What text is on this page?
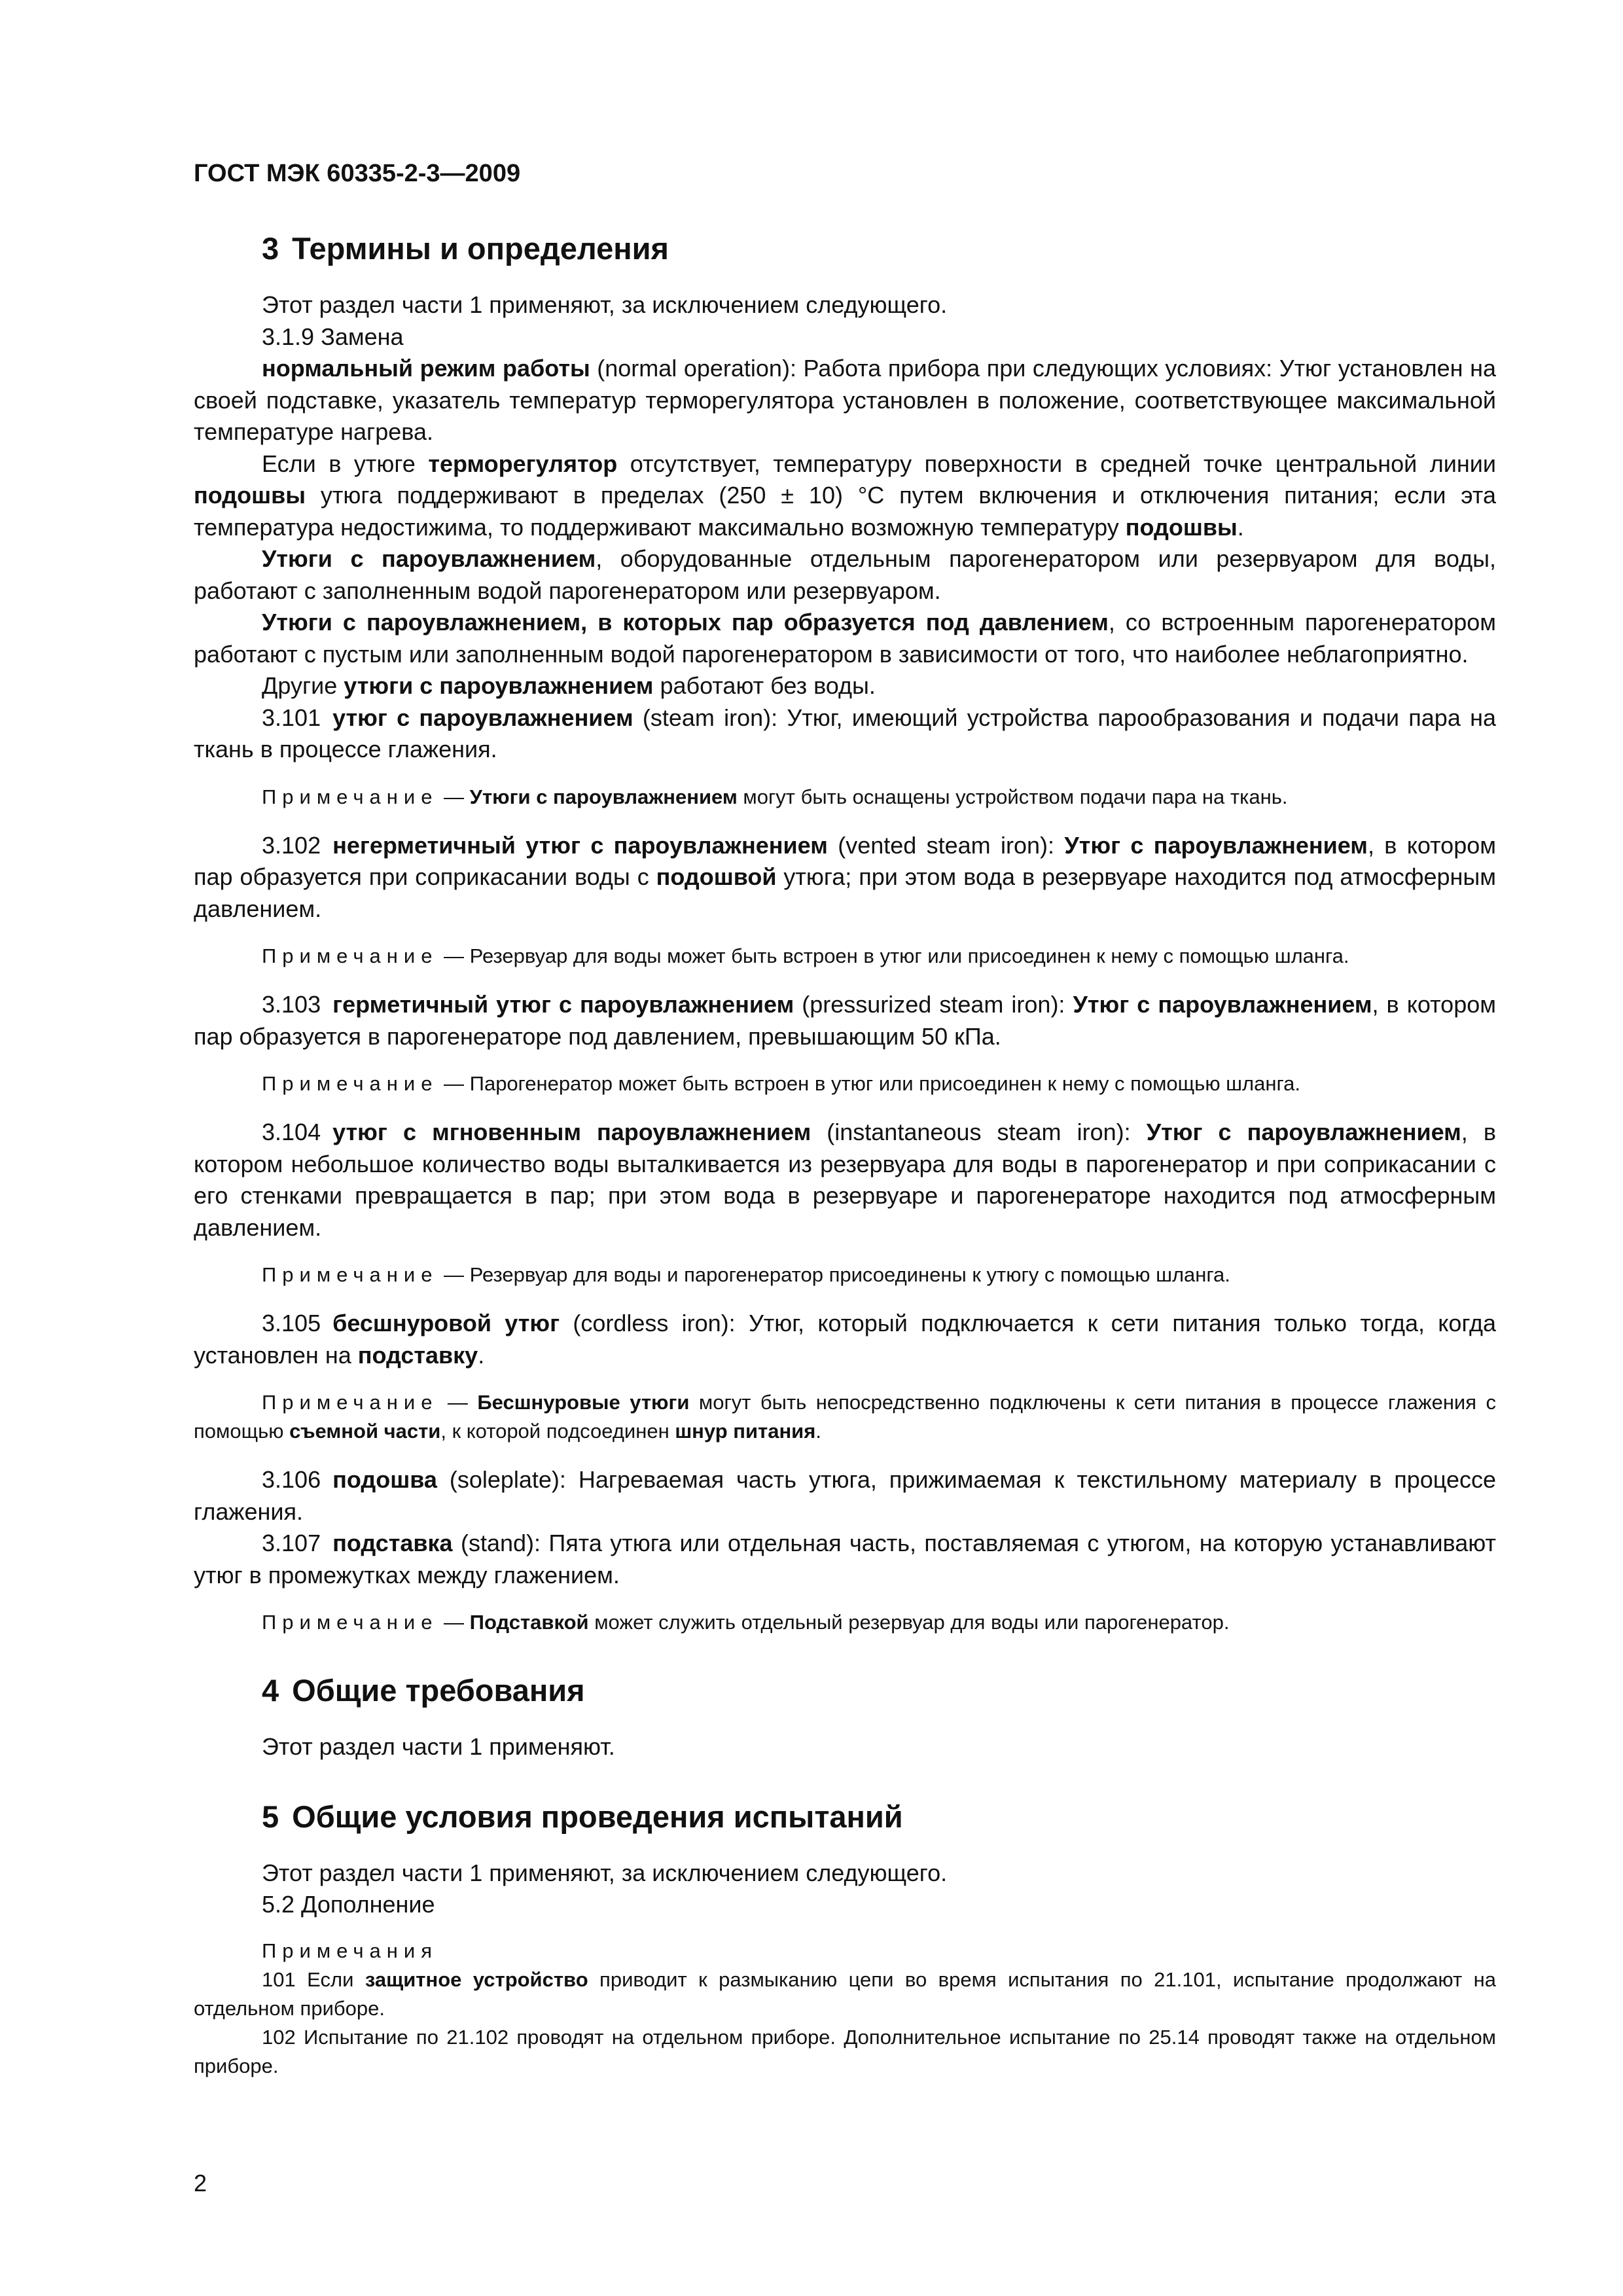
ГОСТ МЭК 60335-2-3—2009
3 Термины и определения

Этот раздел части 1 применяют, за исключением следующего.

3.1.9 Замена

нормальный режим работы (normal operation): Работа прибора при следующих условиях: Утюг установлен на своей подставке, указатель температур терморегулятора установлен в положение, соответствующее максимальной температуре нагрева.

Если в утюге терморегулятор отсутствует, температуру поверхности в средней точке центральной линии подошвы утюга поддерживают в пределах (250 ± 10) °С путем включения и отключения питания; если эта температура недостижима, то поддерживают максимально возможную температуру подошвы.

Утюги с пароувлажнением, оборудованные отдельным парогенератором или резервуаром для воды, работают с заполненным водой парогенератором или резервуаром.

Утюги с пароувлажнением, в которых пар образуется под давлением, со встроенным парогенератором работают с пустым или заполненным водой парогенератором в зависимости от того, что наиболее неблагоприятно.

Другие утюги с пароувлажнением работают без воды.

3.101 утюг с пароувлажнением (steam iron): Утюг, имеющий устройства парообразования и подачи пара на ткань в процессе глажения.

Примечание — Утюги с пароувлажнением могут быть оснащены устройством подачи пара на ткань.

3.102 негерметичный утюг с пароувлажнением (vented steam iron): Утюг с пароувлажнением, в котором пар образуется при соприкасании воды с подошвой утюга; при этом вода в резервуаре находится под атмосферным давлением.

Примечание — Резервуар для воды может быть встроен в утюг или присоединен к нему с помощью шланга.

3.103 герметичный утюг с пароувлажнением (pressurized steam iron): Утюг с пароувлажнением, в котором пар образуется в парогенераторе под давлением, превышающим 50 кПа.

Примечание — Парогенератор может быть встроен в утюг или присоединен к нему с помощью шланга.

3.104 утюг с мгновенным пароувлажнением (instantaneous steam iron): Утюг с пароувлажнением, в котором небольшое количество воды выталкивается из резервуара для воды в парогенератор и при соприкасании с его стенками превращается в пар; при этом вода в резервуаре и парогенераторе находится под атмосферным давлением.

Примечание — Резервуар для воды и парогенератор присоединены к утюгу с помощью шланга.

3.105 бесшнуровой утюг (cordless iron): Утюг, который подключается к сети питания только тогда, когда установлен на подставку.

Примечание — Бесшнуровые утюги могут быть непосредственно подключены к сети питания в процессе глажения с помощью съемной части, к которой подсоединен шнур питания.

3.106 подошва (soleplate): Нагреваемая часть утюга, прижимаемая к текстильному материалу в процессе глажения.

3.107 подставка (stand): Пята утюга или отдельная часть, поставляемая с утюгом, на которую устанавливают утюг в промежутках между глажением.

Примечание — Подставкой может служить отдельный резервуар для воды или парогенератор.
4 Общие требования

Этот раздел части 1 применяют.

5 Общие условия проведения испытаний

Этот раздел части 1 применяют, за исключением следующего.

5.2 Дополнение

Примечания

101 Если защитное устройство приводит к размыканию цепи во время испытания по 21.101, испытание продолжают на отдельном приборе.

102 Испытание по 21.102 проводят на отдельном приборе. Дополнительное испытание по 25.14 проводят также на отдельном приборе.

2
